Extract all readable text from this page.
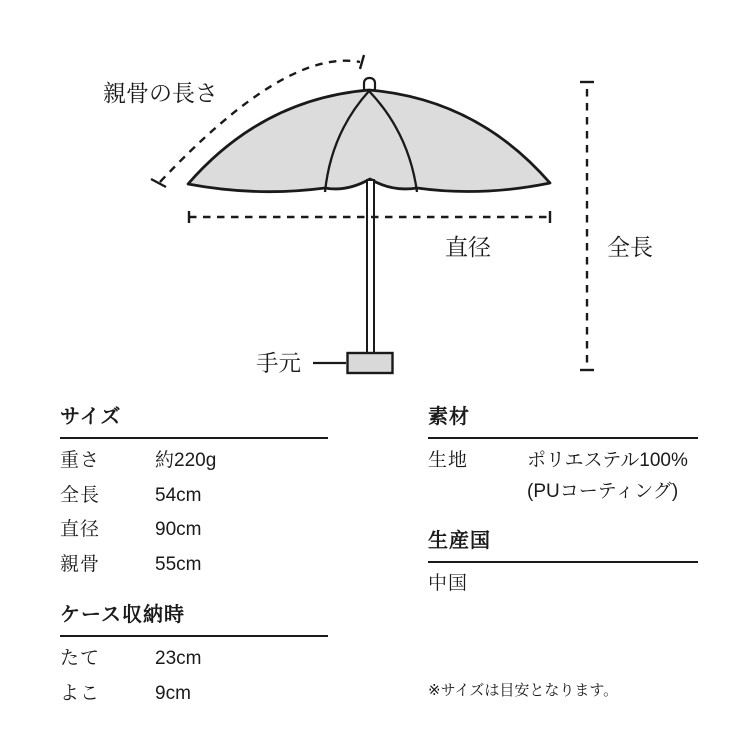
親骨の長さ
直径	全長
手元
サイズ
重さ	約220g
全長	54cm
直径	90cm
親骨	55cm
ケース収納時
たて	23cm
よこ	9cm
素材
生地	ポリエステル100%
(PUコーティング)
生産国
中国
※サイズは目安となります。
